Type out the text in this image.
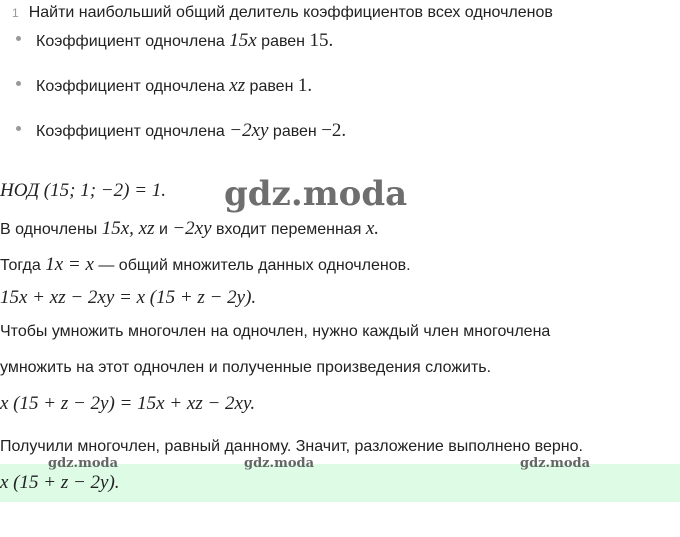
1 Найти наибольший общий делитель коэффициентов всех одночленов
Коэффициент одночлена 15x равен 15.
Коэффициент одночлена xz равен 1.
Коэффициент одночлена −2xy равен −2.
НОД (15; 1; −2) = 1. gdz.moda
В одночлены 15x, xz и −2xy входит переменная x.
Тогда 1x = x — общий множитель данных одночленов.
15x + xz − 2xy = x (15 + z − 2y).
Чтобы умножить многочлен на одночлен, нужно каждый член многочлена
умножить на этот одночлен и полученные произведения сложить.
x (15 + z − 2y) = 15x + xz − 2xy.
Получили многочлен, равный данному. Значит, разложение выполнено верно.
x (15 + z − 2y).
gdz.moda	gdz.moda	gdz.moda
